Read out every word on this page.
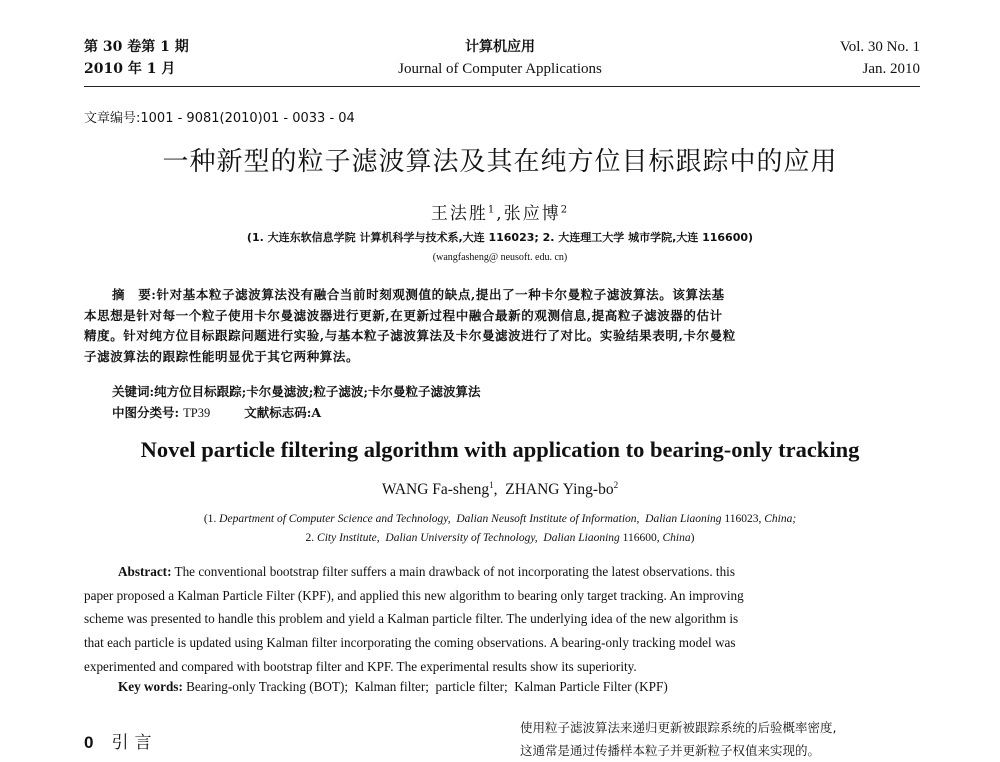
第 30 卷第 1 期
2010 年 1 月
计算机应用
Journal of Computer Applications
Vol. 30 No. 1
Jan. 2010
文章编号:1001 - 9081(2010)01 - 0033 - 04
一种新型的粒子滤波算法及其在纯方位目标跟踪中的应用
王法胜$^1$,张应博$^2$
(1. 大连东软信息学院 计算机科学与技术系,大连 116023; 2. 大连理工大学 城市学院,大连 116600)
(wangfasheng@ neusoft. edu. cn)
摘　要:针对基本粒子滤波算法没有融合当前时刻观测值的缺点,提出了一种卡尔曼粒子滤波算法。该算法基
本思想是针对每一个粒子使用卡尔曼滤波器进行更新,在更新过程中融合最新的观测信息,提高粒子滤波器的估计
精度。针对纯方位目标跟踪问题进行实验,与基本粒子滤波算法及卡尔曼滤波进行了对比。实验结果表明,卡尔曼粒
子滤波算法的跟踪性能明显优于其它两种算法。
关键词:纯方位目标跟踪;卡尔曼滤波;粒子滤波;卡尔曼粒子滤波算法
中图分类号: TP39	文献标志码:A
Novel particle filtering algorithm with application to bearing-only tracking
WANG Fa-sheng$^1$,  ZHANG Ying-$bo^2$
(1. Department of Computer Science and Technology,  Dalian Neusoft Institute of Information,  Dalian Liaoning 116023, China;
2. City Institute,  Dalian University of Technology,  Dalian Liaoning 116600, China)
Abstract: The conventional bootstrap filter suffers a main drawback of not incorporating the latest observations. this
paper proposed a Kalman Particle Filter (KPF), and applied this new algorithm to bearing only target tracking. An improving
scheme was presented to handle this problem and yield a Kalman particle filter. The underlying idea of the new algorithm is
that each particle is updated using Kalman filter incorporating the coming observations. A bearing-only tracking model was
experimented and compared with bootstrap filter and KPF. The experimental results show its superiority.
Key words: Bearing-only Tracking (BOT);  Kalman filter;  particle filter;  Kalman Particle Filter (KPF)
0 引言
使用粒子滤波算法来递归更新被跟踪系统的后验概率密度,
这通常是通过传播样本粒子并更新粒子权值来实现的。
